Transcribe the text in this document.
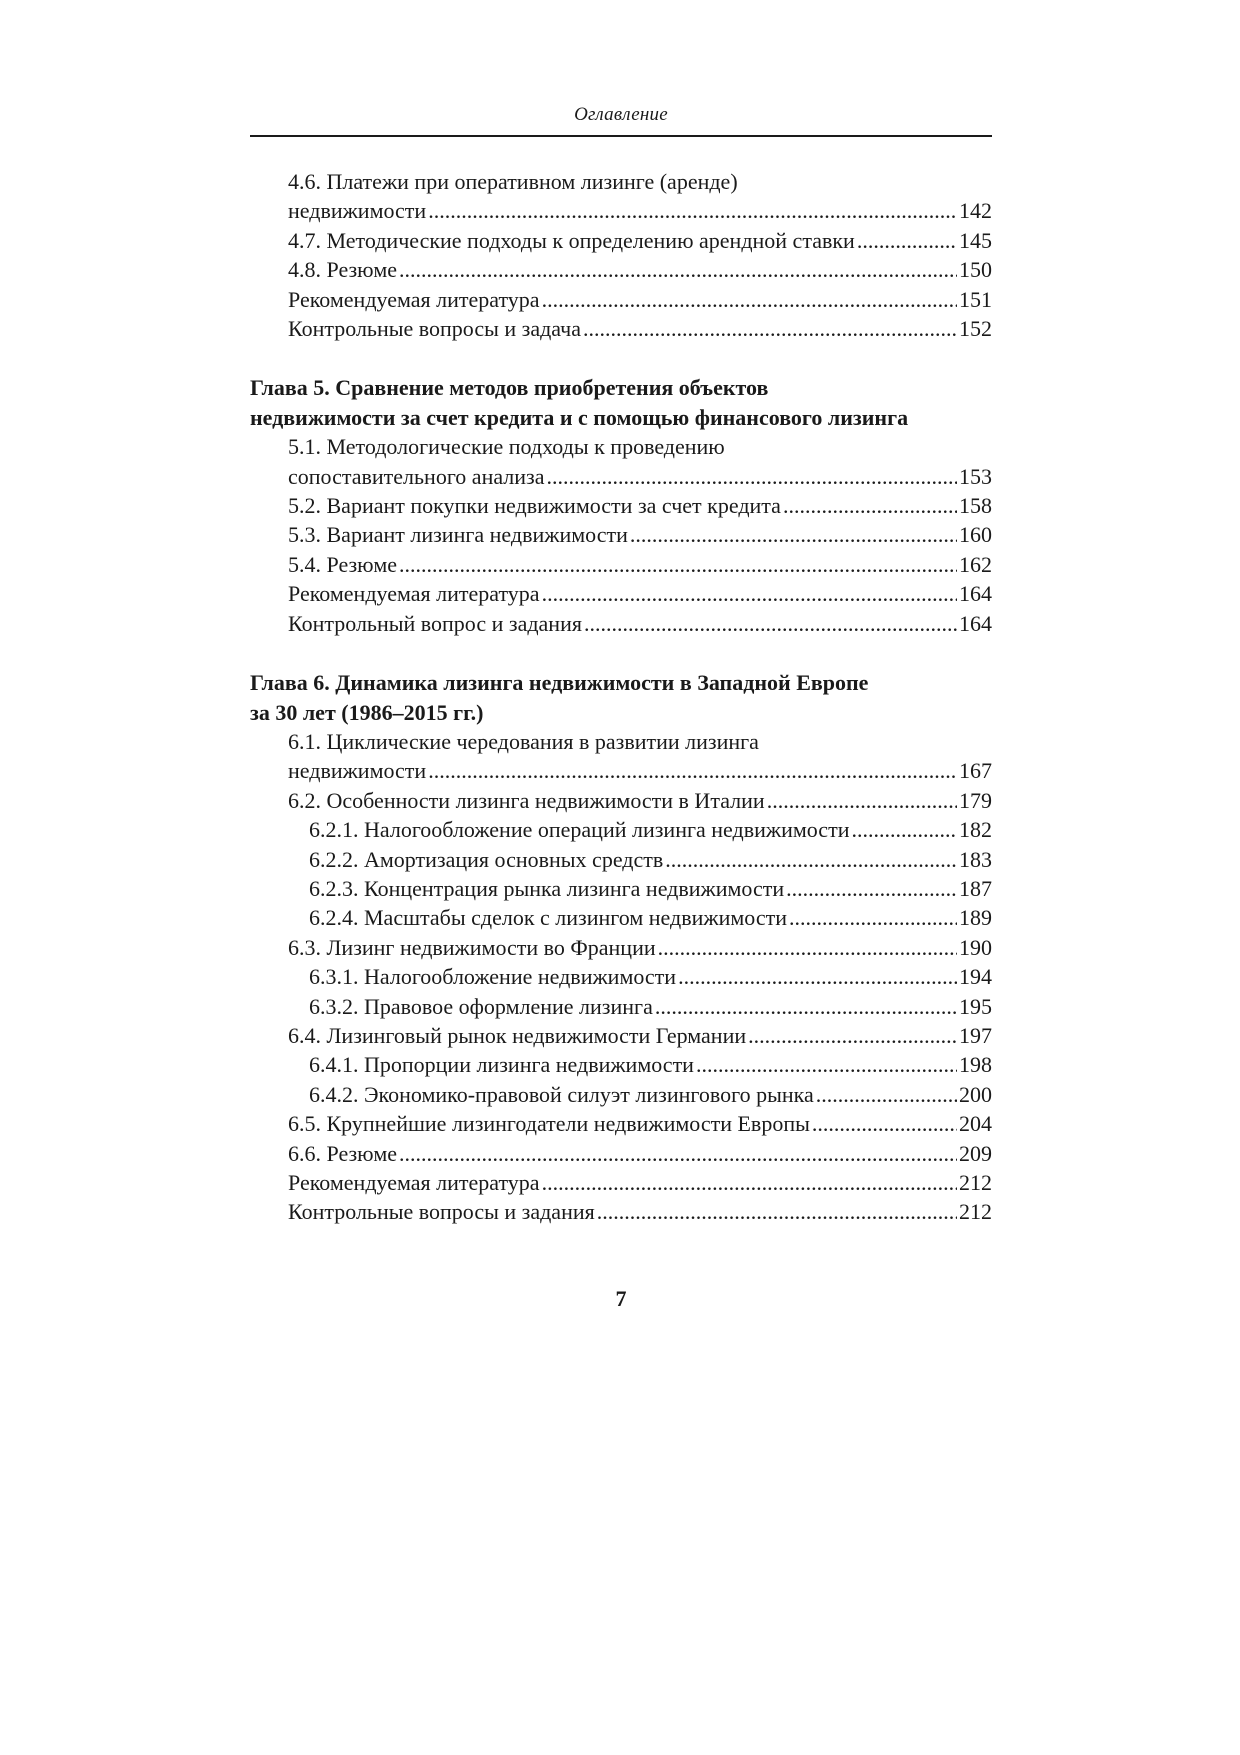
Оглавление
4.6. Платежи при оперативном лизинге (аренде)
недвижимости .....	142
4.7. Методические подходы к определению арендной ставки .....	145
4.8. Резюме .....	150
Рекомендуемая литература .....	151
Контрольные вопросы и задача .....	152
Глава 5. Сравнение методов приобретения объектов
недвижимости за счет кредита и с помощью финансового лизинга
5.1. Методологические подходы к проведению
сопоставительного анализа .....	153
5.2. Вариант покупки недвижимости за счет кредита .....	158
5.3. Вариант лизинга недвижимости .....	160
5.4. Резюме .....	162
Рекомендуемая литература .....	164
Контрольный вопрос и задания .....	164
Глава 6. Динамика лизинга недвижимости в Западной Европе
за 30 лет (1986–2015 гг.)
6.1. Циклические чередования в развитии лизинга
недвижимости .....	167
6.2. Особенности лизинга недвижимости в Италии .....	179
6.2.1. Налогообложение операций лизинга недвижимости .....	182
6.2.2. Амортизация основных средств .....	183
6.2.3. Концентрация рынка лизинга недвижимости .....	187
6.2.4. Масштабы сделок с лизингом недвижимости .....	189
6.3. Лизинг недвижимости во Франции .....	190
6.3.1. Налогообложение недвижимости .....	194
6.3.2. Правовое оформление лизинга .....	195
6.4. Лизинговый рынок недвижимости Германии .....	197
6.4.1. Пропорции лизинга недвижимости .....	198
6.4.2. Экономико-правовой силуэт лизингового рынка .....	200
6.5. Крупнейшие лизингодатели недвижимости Европы .....	204
6.6. Резюме .....	209
Рекомендуемая литература .....	212
Контрольные вопросы и задания .....	212
7
